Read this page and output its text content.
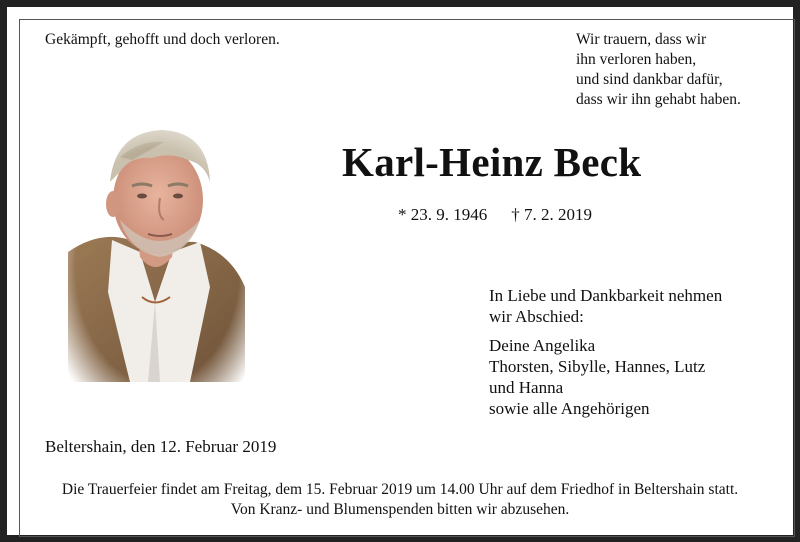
Gekämpft, gehofft und doch verloren.	Wir trauern, dass wir
ihn verloren haben,
und sind dankbar dafür,
dass wir ihn gehabt haben.
Karl-Heinz Beck
* 23. 9. 1946 † 7. 2. 2019
In Liebe und Dankbarkeit nehmen
wir Abschied:
Deine Angelika
Thorsten, Sibylle, Hannes, Lutz
und Hanna
sowie alle Angehörigen
Beltershain, den 12. Februar 2019
Die Trauerfeier findet am Freitag, dem 15. Februar 2019 um 14.00 Uhr auf dem Friedhof in Beltershain statt.
Von Kranz- und Blumenspenden bitten wir abzusehen.
